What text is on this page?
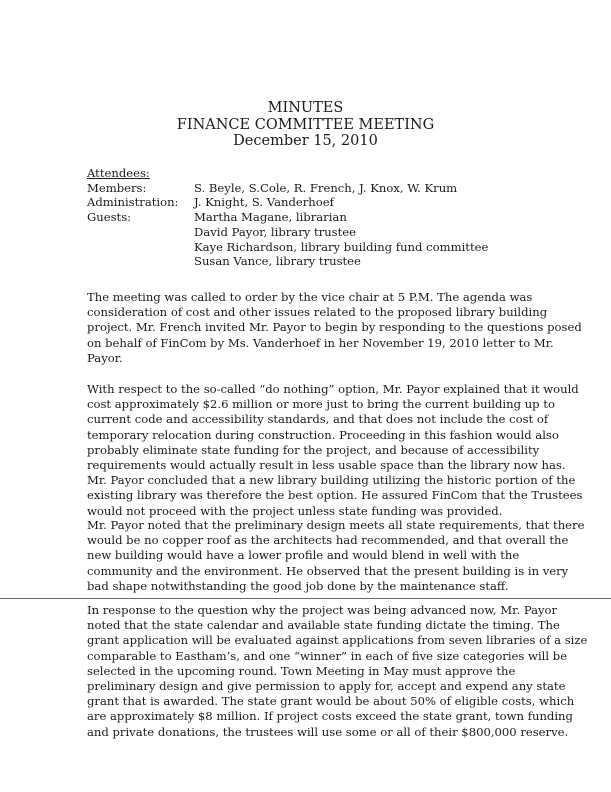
MINUTES
FINANCE COMMITTEE MEETING
December 15, 2010
Attendees:
Members:	S. Beyle, S.Cole, R. French, J. Knox, W. Krum
Administration:	J. Knight, S. Vanderhoef
Guests:	Martha Magane, librarian
David Payor, library trustee
Kaye Richardson, library building fund committee
Susan Vance, library trustee

The meeting was called to order by the vice chair at 5 P.M. The agenda was
consideration of cost and other issues related to the proposed library building
project. Mr. French invited Mr. Payor to begin by responding to the questions posed
on behalf of FinCom by Ms. Vanderhoef in her November 19, 2010 letter to Mr.
Payor.

With respect to the so-called “do nothing” option, Mr. Payor explained that it would
cost approximately $2.6 million or more just to bring the current building up to
current code and accessibility standards, and that does not include the cost of
temporary relocation during construction. Proceeding in this fashion would also
probably eliminate state funding for the project, and because of accessibility
requirements would actually result in less usable space than the library now has.
Mr. Payor concluded that a new library building utilizing the historic portion of the
existing library was therefore the best option. He assured FinCom that the Trustees
would not proceed with the project unless state funding was provided.

Mr. Payor noted that the preliminary design meets all state requirements, that there
would be no copper roof as the architects had recommended, and that overall the
new building would have a lower profile and would blend in well with the
community and the environment. He observed that the present building is in very
bad shape notwithstanding the good job done by the maintenance staff.

In response to the question why the project was being advanced now, Mr. Payor
noted that the state calendar and available state funding dictate the timing. The
grant application will be evaluated against applications from seven libraries of a size
comparable to Eastham’s, and one “winner” in each of five size categories will be
selected in the upcoming round. Town Meeting in May must approve the
preliminary design and give permission to apply for, accept and expend any state
grant that is awarded. The state grant would be about 50% of eligible costs, which
are approximately $8 million. If project costs exceed the state grant, town funding
and private donations, the trustees will use some or all of their $800,000 reserve.
